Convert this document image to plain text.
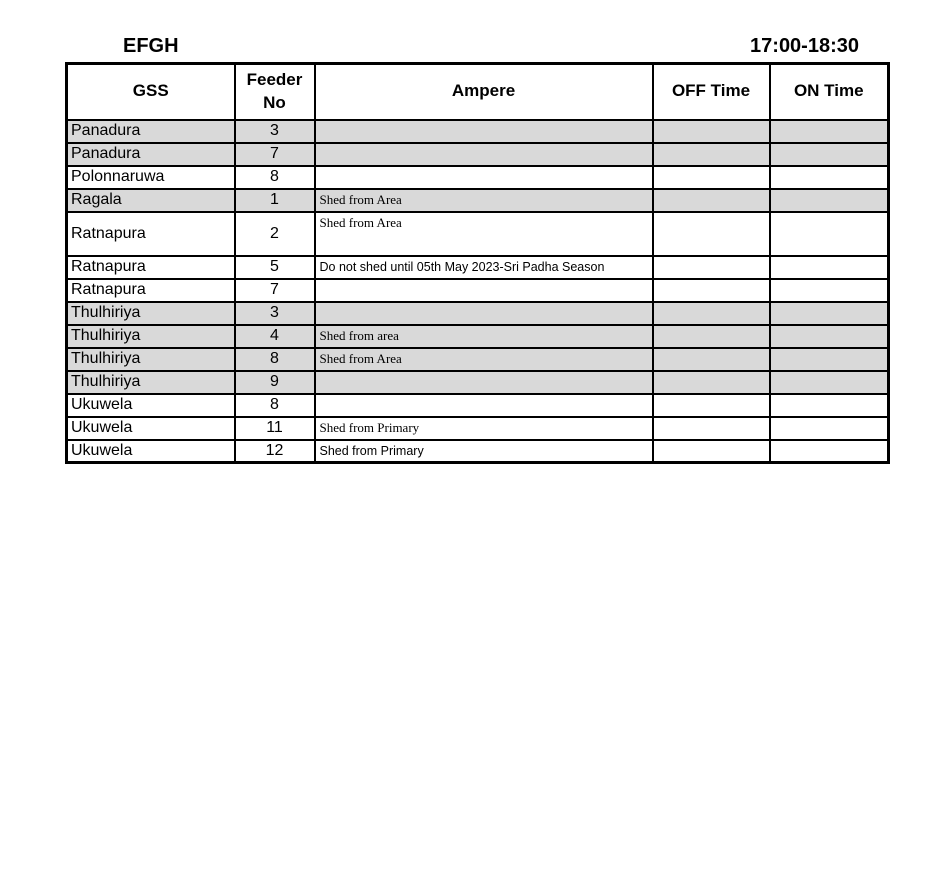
EFGH	17:00-18:30
GSS	Feeder No	Ampere	OFF Time	ON Time
Panadura	3			
Panadura	7			
Polonnaruwa	8			
Ragala	1	Shed from Area		
Ratnapura	2	Shed from Area		
Ratnapura	5	Do not shed until 05th May 2023-Sri Padha Season		
Ratnapura	7			
Thulhiriya	3			
Thulhiriya	4	Shed from area		
Thulhiriya	8	Shed from Area		
Thulhiriya	9			
Ukuwela	8			
Ukuwela	11	Shed from Primary		
Ukuwela	12	Shed from Primary		
